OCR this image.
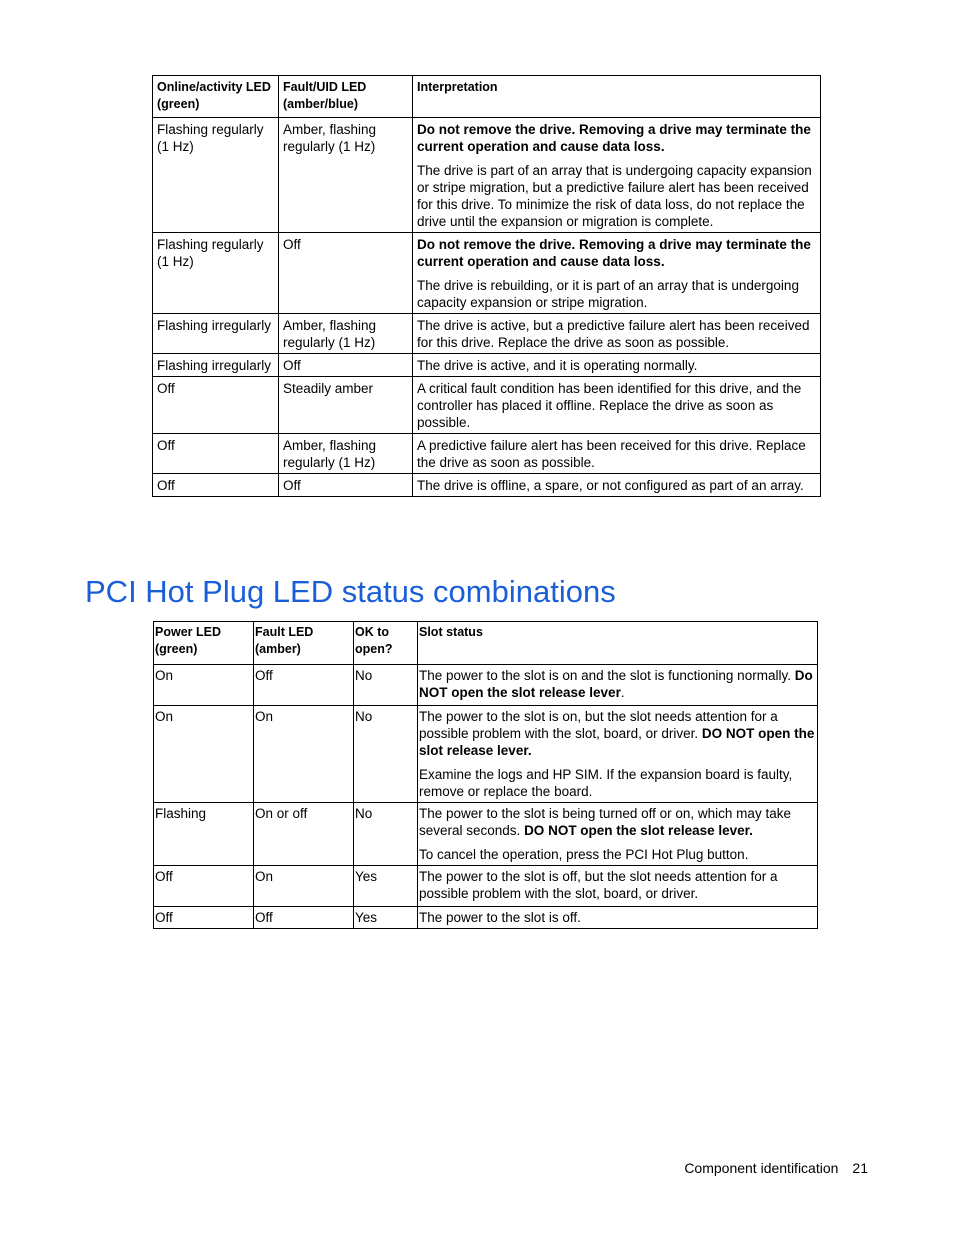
Online/activity LED (green)	Fault/UID LED (amber/blue)	Interpretation
Flashing regularly (1 Hz)	Amber, flashing regularly (1 Hz)	Do not remove the drive. Removing a drive may terminate the current operation and cause data loss.

The drive is part of an array that is undergoing capacity expansion or stripe migration, but a predictive failure alert has been received for this drive. To minimize the risk of data loss, do not replace the drive until the expansion or migration is complete.

Flashing regularly (1 Hz)	Off	Do not remove the drive. Removing a drive may terminate the current operation and cause data loss.

The drive is rebuilding, or it is part of an array that is undergoing capacity expansion or stripe migration.

Flashing irregularly	Amber, flashing regularly (1 Hz)	The drive is active, but a predictive failure alert has been received for this drive. Replace the drive as soon as possible.
Flashing irregularly	Off	The drive is active, and it is operating normally.
Off	Steadily amber	A critical fault condition has been identified for this drive, and the controller has placed it offline. Replace the drive as soon as possible.
Off	Amber, flashing regularly (1 Hz)	A predictive failure alert has been received for this drive. Replace the drive as soon as possible.
Off	Off	The drive is offline, a spare, or not configured as part of an array.
PCI Hot Plug LED status combinations
Power LED (green)	Fault LED (amber)	OK to open?	Slot status
On	Off	No	The power to the slot is on and the slot is functioning normally. Do NOT open the slot release lever.

On	On	No	The power to the slot is on, but the slot needs attention for a possible problem with the slot, board, or driver. DO NOT open the slot release lever.

Examine the logs and HP SIM. If the expansion board is faulty, remove or replace the board.

Flashing	On or off	No	The power to the slot is being turned off or on, which may take several seconds. DO NOT open the slot release lever.

To cancel the operation, press the PCI Hot Plug button.

Off	On	Yes	The power to the slot is off, but the slot needs attention for a possible problem with the slot, board, or driver.
Off	Off	Yes	The power to the slot is off.
Component identification 21
